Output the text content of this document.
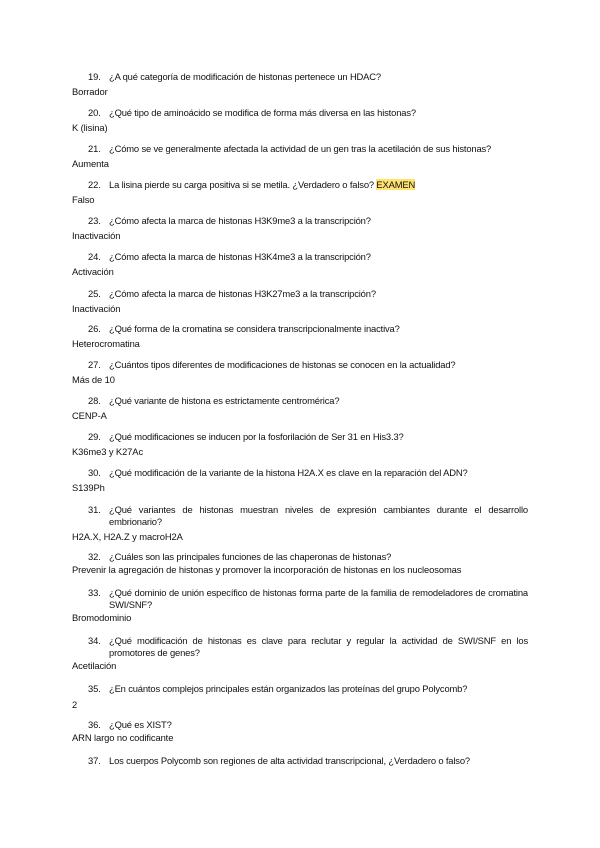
19. ¿A qué categoría de modificación de histonas pertenece un HDAC?
Borrador
20. ¿Qué tipo de aminoácido se modifica de forma más diversa en las histonas?
K (lisina)
21. ¿Cómo se ve generalmente afectada la actividad de un gen tras la acetilación de sus histonas?
Aumenta
22. La lisina pierde su carga positiva si se metila. ¿Verdadero o falso? EXAMEN
Falso
23. ¿Cómo afecta la marca de histonas H3K9me3 a la transcripción?
Inactivación
24. ¿Cómo afecta la marca de histonas H3K4me3 a la transcripción?
Activación
25. ¿Cómo afecta la marca de histonas H3K27me3 a la transcripción?
Inactivación
26. ¿Qué forma de la cromatina se considera transcripcionalmente inactiva?
Heterocromatina
27. ¿Cuántos tipos diferentes de modificaciones de histonas se conocen en la actualidad?
Más de 10
28. ¿Qué variante de histona es estrictamente centromérica?
CENP-A
29. ¿Qué modificaciones se inducen por la fosforilación de Ser 31 en His3.3?
K36me3 y K27Ac
30. ¿Qué modificación de la variante de la histona H2A.X es clave en la reparación del ADN?
S139Ph
31. ¿Qué variantes de histonas muestran niveles de expresión cambiantes durante el desarrollo embrionario?
H2A.X, H2A.Z y macroH2A
32. ¿Cuáles son las principales funciones de las chaperonas de histonas?
Prevenir la agregación de histonas y promover la incorporación de histonas en los nucleosomas
33. ¿Qué dominio de unión específico de histonas forma parte de la familia de remodeladores de cromatina SWI/SNF?
Bromodominio
34. ¿Qué modificación de histonas es clave para reclutar y regular la actividad de SWI/SNF en los promotores de genes?
Acetilación
35. ¿En cuántos complejos principales están organizados las proteínas del grupo Polycomb?
2
36. ¿Qué es XIST?
ARN largo no codificante
37. Los cuerpos Polycomb son regiones de alta actividad transcripcional, ¿Verdadero o falso?
